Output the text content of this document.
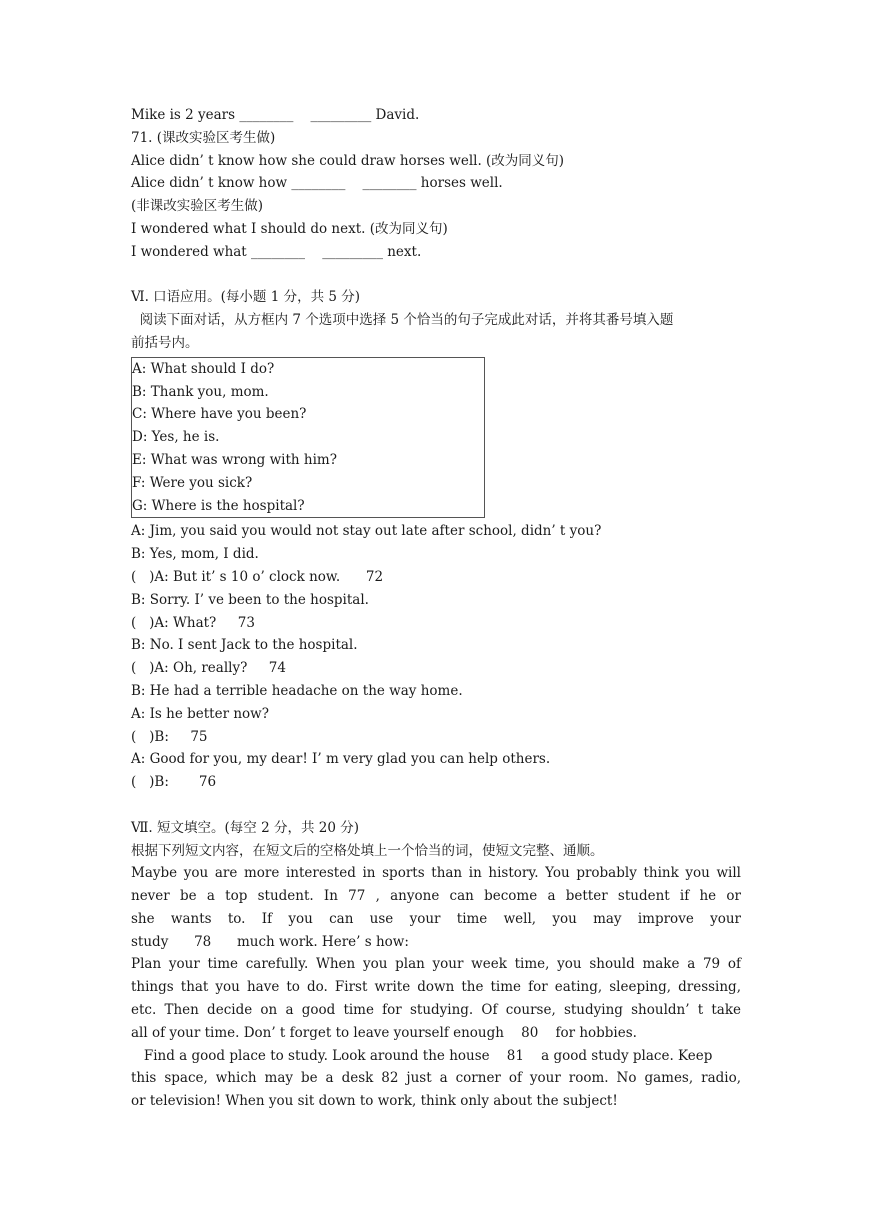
Mike is 2 years ________    _________ David.

71. (课改实验区考生做)

Alice didn’ t know how she could draw horses well. (改为同义句)

Alice didn’ t know how ________    ________ horses well.

(非课改实验区考生做)

I wondered what I should do next. (改为同义句)

I wondered what ________    _________ next.

Ⅵ. 口语应用。(每小题 1 分，共 5 分)

阅读下面对话，从方框内 7 个选项中选择 5 个恰当的句子完成此对话，并将其番号填入题

前括号内。

A: What should I do?

B: Thank you, mom.

C: Where have you been?

D: Yes, he is.

E: What was wrong with him?

F: Were you sick?

G: Where is the hospital?

A: Jim, you said you would not stay out late after school, didn’ t you?

B: Yes, mom, I did.

(   )A: But it’ s 10 o’ clock now.      72

B: Sorry. I’ ve been to the hospital.

(   )A: What?     73

B: No. I sent Jack to the hospital.

(   )A: Oh, really?     74

B: He had a terrible headache on the way home.

A: Is he better now?

(   )B:     75

A: Good for you, my dear! I’ m very glad you can help others.

(   )B:       76

Ⅶ. 短文填空。(每空 2 分，共 20 分)

根据下列短文内容，在短文后的空格处填上一个恰当的词，使短文完整、通顺。

Maybe you are more interested in sports than in history. You probably think you will

never be a top student. In 77 , anyone can become a better student if he or

she wants to. If you can use your time well, you may improve your

study      78      much work. Here’ s how:

Plan your time carefully. When you plan your week time, you should make a 79 of

things that you have to do. First write down the time for eating, sleeping, dressing,

etc. Then decide on a good time for studying. Of course, studying shouldn’ t take

all of your time. Don’ t forget to leave yourself enough    80    for hobbies.

Find a good place to study. Look around the house    81    a good study place. Keep

this space, which may be a desk 82 just a corner of your room. No games, radio,

or television! When you sit down to work, think only about the subject!
